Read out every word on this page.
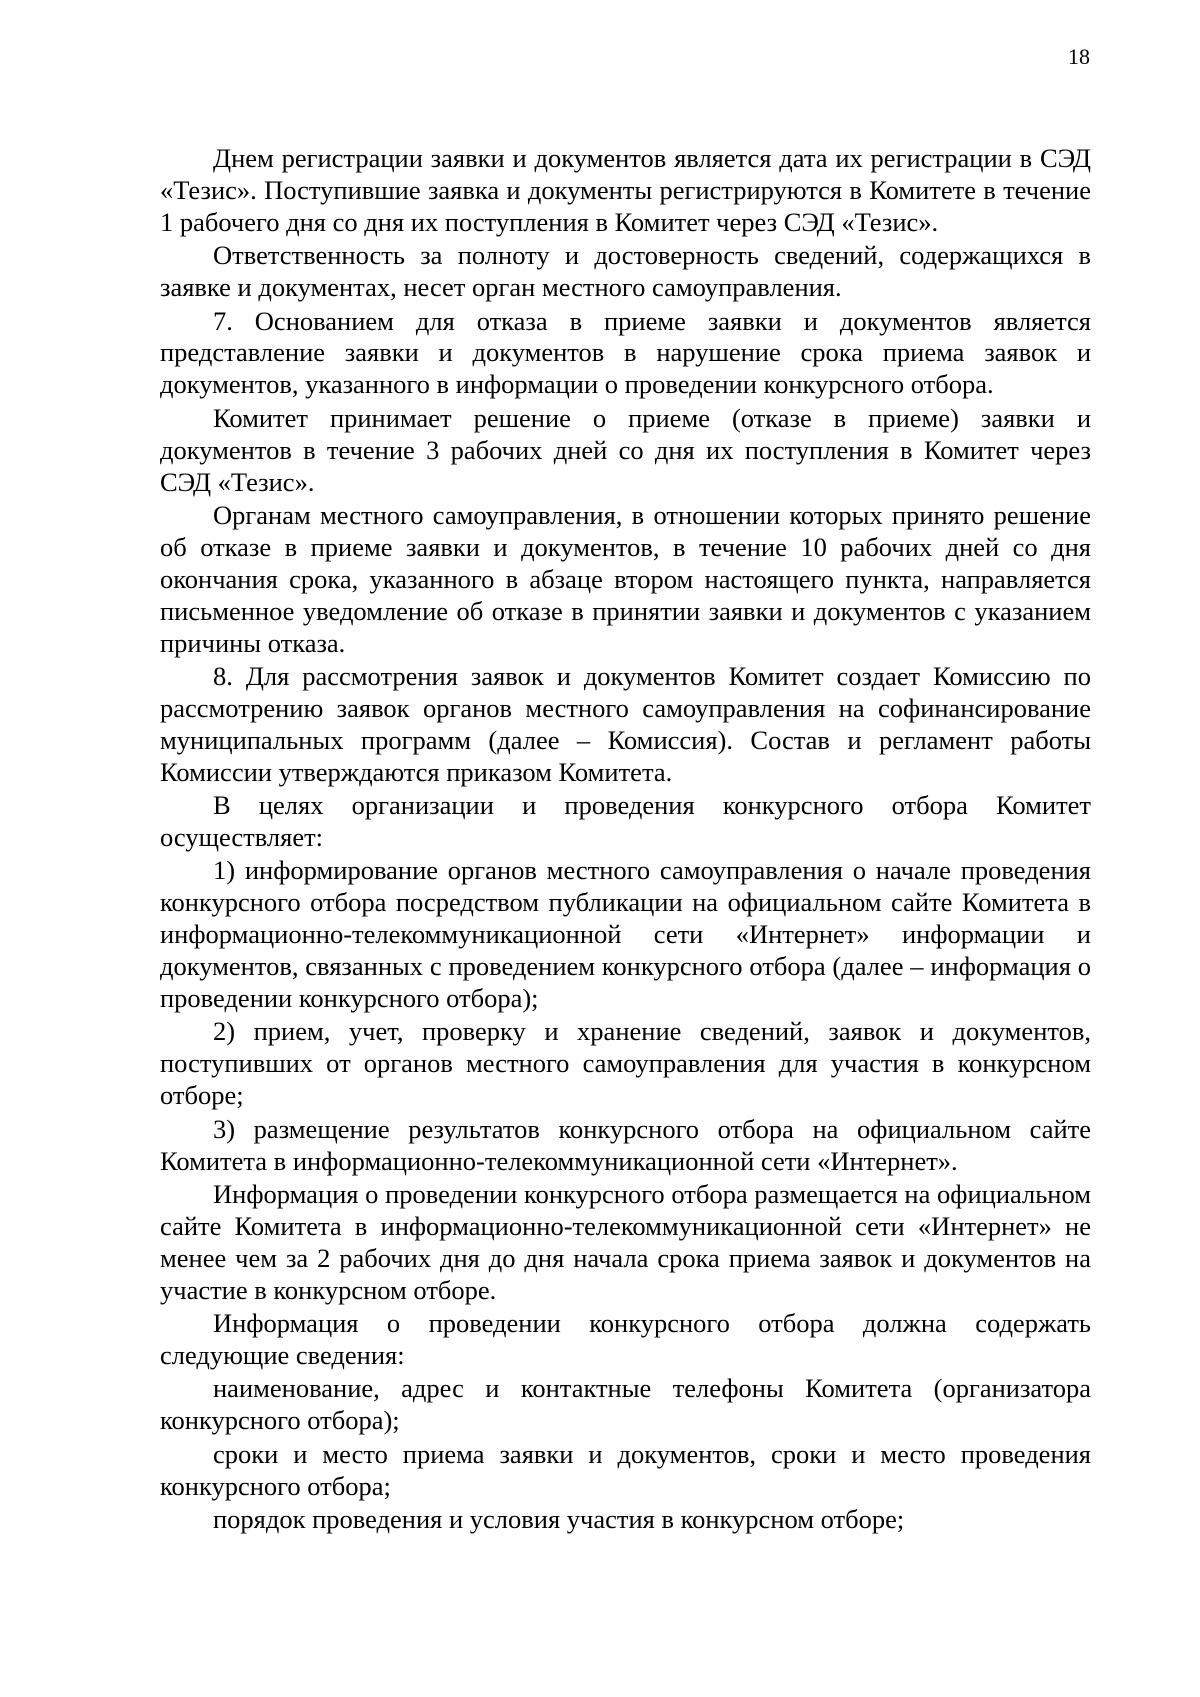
18

Днем регистрации заявки и документов является дата их регистрации в СЭД «Тезис». Поступившие заявка и документы регистрируются в Комитете в течение 1 рабочего дня со дня их поступления в Комитет через СЭД «Тезис».

Ответственность за полноту и достоверность сведений, содержащихся в заявке и документах, несет орган местного самоуправления.

7. Основанием для отказа в приеме заявки и документов является представление заявки и документов в нарушение срока приема заявок и документов, указанного в информации о проведении конкурсного отбора.

Комитет принимает решение о приеме (отказе в приеме) заявки и документов в течение 3 рабочих дней со дня их поступления в Комитет через СЭД «Тезис».

Органам местного самоуправления, в отношении которых принято решение об отказе в приеме заявки и документов, в течение 10 рабочих дней со дня окончания срока, указанного в абзаце втором настоящего пункта, направляется письменное уведомление об отказе в принятии заявки и документов с указанием причины отказа.

8. Для рассмотрения заявок и документов Комитет создает Комиссию по рассмотрению заявок органов местного самоуправления на софинансирование муниципальных программ (далее – Комиссия). Состав и регламент работы Комиссии утверждаются приказом Комитета.

В целях организации и проведения конкурсного отбора Комитет осуществляет:

1) информирование органов местного самоуправления о начале проведения конкурсного отбора посредством публикации на официальном сайте Комитета в информационно-телекоммуникационной сети «Интернет» информации и документов, связанных с проведением конкурсного отбора (далее – информация о проведении конкурсного отбора);

2) прием, учет, проверку и хранение сведений, заявок и документов, поступивших от органов местного самоуправления для участия в конкурсном отборе;

3) размещение результатов конкурсного отбора на официальном сайте Комитета в информационно-телекоммуникационной сети «Интернет».

Информация о проведении конкурсного отбора размещается на официальном сайте Комитета в информационно-телекоммуникационной сети «Интернет» не менее чем за 2 рабочих дня до дня начала срока приема заявок и документов на участие в конкурсном отборе.

Информация о проведении конкурсного отбора должна содержать следующие сведения:

наименование, адрес и контактные телефоны Комитета (организатора конкурсного отбора);

сроки и место приема заявки и документов, сроки и место проведения конкурсного отбора;

порядок проведения и условия участия в конкурсном отборе;
